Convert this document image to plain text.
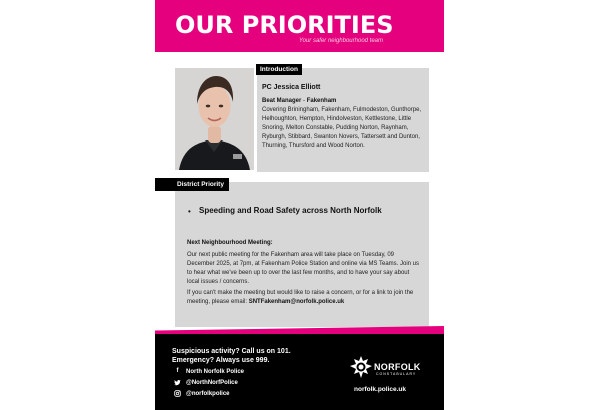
OUR PRIORITIES
Your safer neighbourhood team
Introduction
PC Jessica Elliott
Beat Manager - Fakenham
Covering Briningham, Fakenham, Fulmodeston, Gunthorpe, Helhoughton, Hempton, Hindolveston, Kettlestone, Little Snoring, Melton Constable, Pudding Norton, Raynham, Ryburgh, Stibbard, Swanton Novers, Tattersett and Dunton, Thurning, Thursford and Wood Norton.
District Priority
• Speeding and Road Safety across North Norfolk
Next Neighbourhood Meeting:
Our next public meeting for the Fakenham area will take place on Tuesday, 09 December 2025, at 7pm, at Fakenham Police Station and online via MS Teams. Join us to hear what we've been up to over the last few months, and to have your say about local issues / concerns.
If you can't make the meeting but would like to raise a concern, or for a link to join the meeting, please email: SNTFakenham@norfolk.police.uk
Suspicious activity? Call us on 101.
Emergency? Always use 999.
f	North Norfolk Police
@NorthNorfPolice
@norfolkpolice
NORFOLK
CONSTABULARY
norfolk.police.uk
